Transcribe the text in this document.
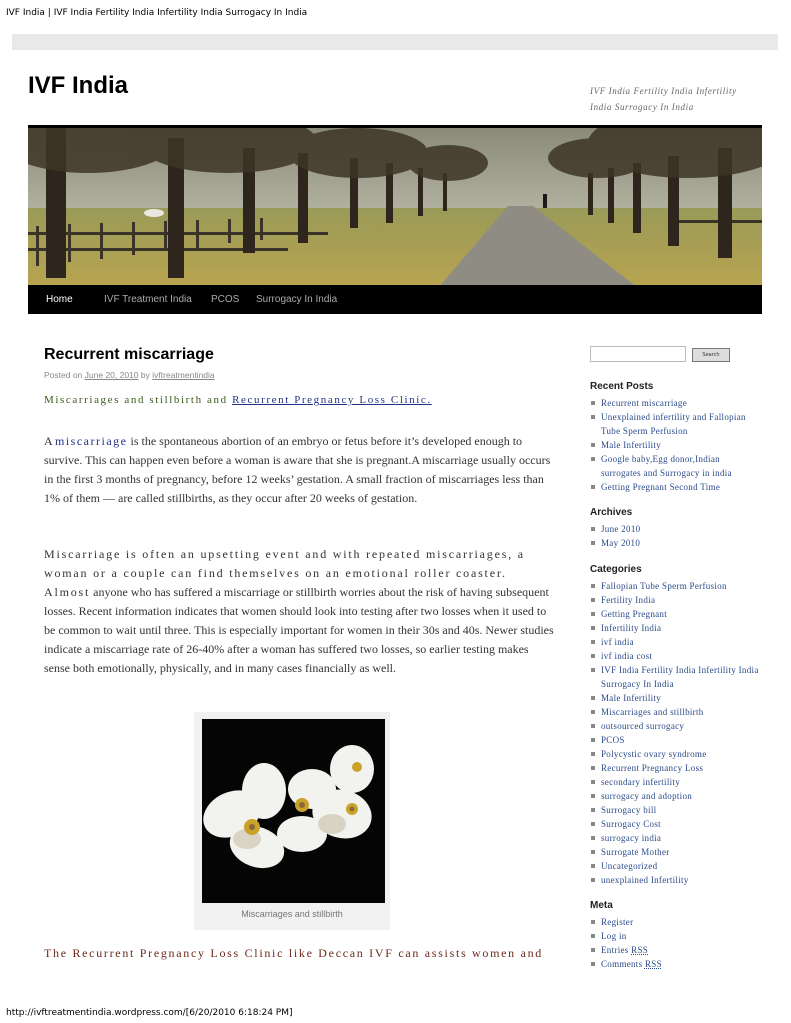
IVF India | IVF India Fertility India Infertility India Surrogacy In India
IVF India	IVF India Fertility India Infertility India Surrogacy In India

Home	IVF Treatment India	PCOS	Surrogacy In India
Recurrent miscarriage
Posted on June 20, 2010 by ivftreatmentindia
Miscarriages and stillbirth and Recurrent Pregnancy Loss Clinic.
A miscarriage is the spontaneous abortion of an embryo or fetus before it’s developed enough to survive. This can happen even before a woman is aware that she is pregnant.A miscarriage usually occurs in the first 3 months of pregnancy, before 12 weeks’ gestation. A small fraction of miscarriages less than 1% of them — are called stillbirths, as they occur after 20 weeks of gestation.
Miscarriage is often an upsetting event and with repeated miscarriages, a woman or a couple can find themselves on an emotional roller coaster. Almost anyone who has suffered a miscarriage or stillbirth worries about the risk of having subsequent losses. Recent information indicates that women should look into testing after two losses when it used to be common to wait until three. This is especially important for women in their 30s and 40s. Newer studies indicate a miscarriage rate of 26-40% after a woman has suffered two losses, so earlier testing makes sense both emotionally, physically, and in many cases financially as well.
Miscarriages and stillbirth
The Recurrent Pregnancy Loss Clinic like Deccan IVF can assists women and
Search
Recent Posts
Recurrent miscarriage
Unexplained infertility and Fallopian Tube Sperm Perfusion
Male Infertility
Google baby,Egg donor,Indian surrogates and Surrogacy in india
Getting Pregnant Second Time
Archives
June 2010
May 2010
Categories
Fallopian Tube Sperm Perfusion
Fertility India
Getting Pregnant
Infertility India
ivf india
ivf india cost
IVF India Fertility India Infertility India Surrogacy In India
Male Infertility
Miscarriages and stillbirth
outsourced surrogacy
PCOS
Polycystic ovary syndrome
Recurrent Pregnancy Loss
secondary infertility
surrogacy and adoption
Surrogacy bill
Surrogacy Cost
surrogacy india
Surrogate Mother
Uncategorized
unexplained Infertility
Meta
Register
Log in
Entries RSS
Comments RSS
http://ivftreatmentindia.wordpress.com/[6/20/2010 6:18:24 PM]
